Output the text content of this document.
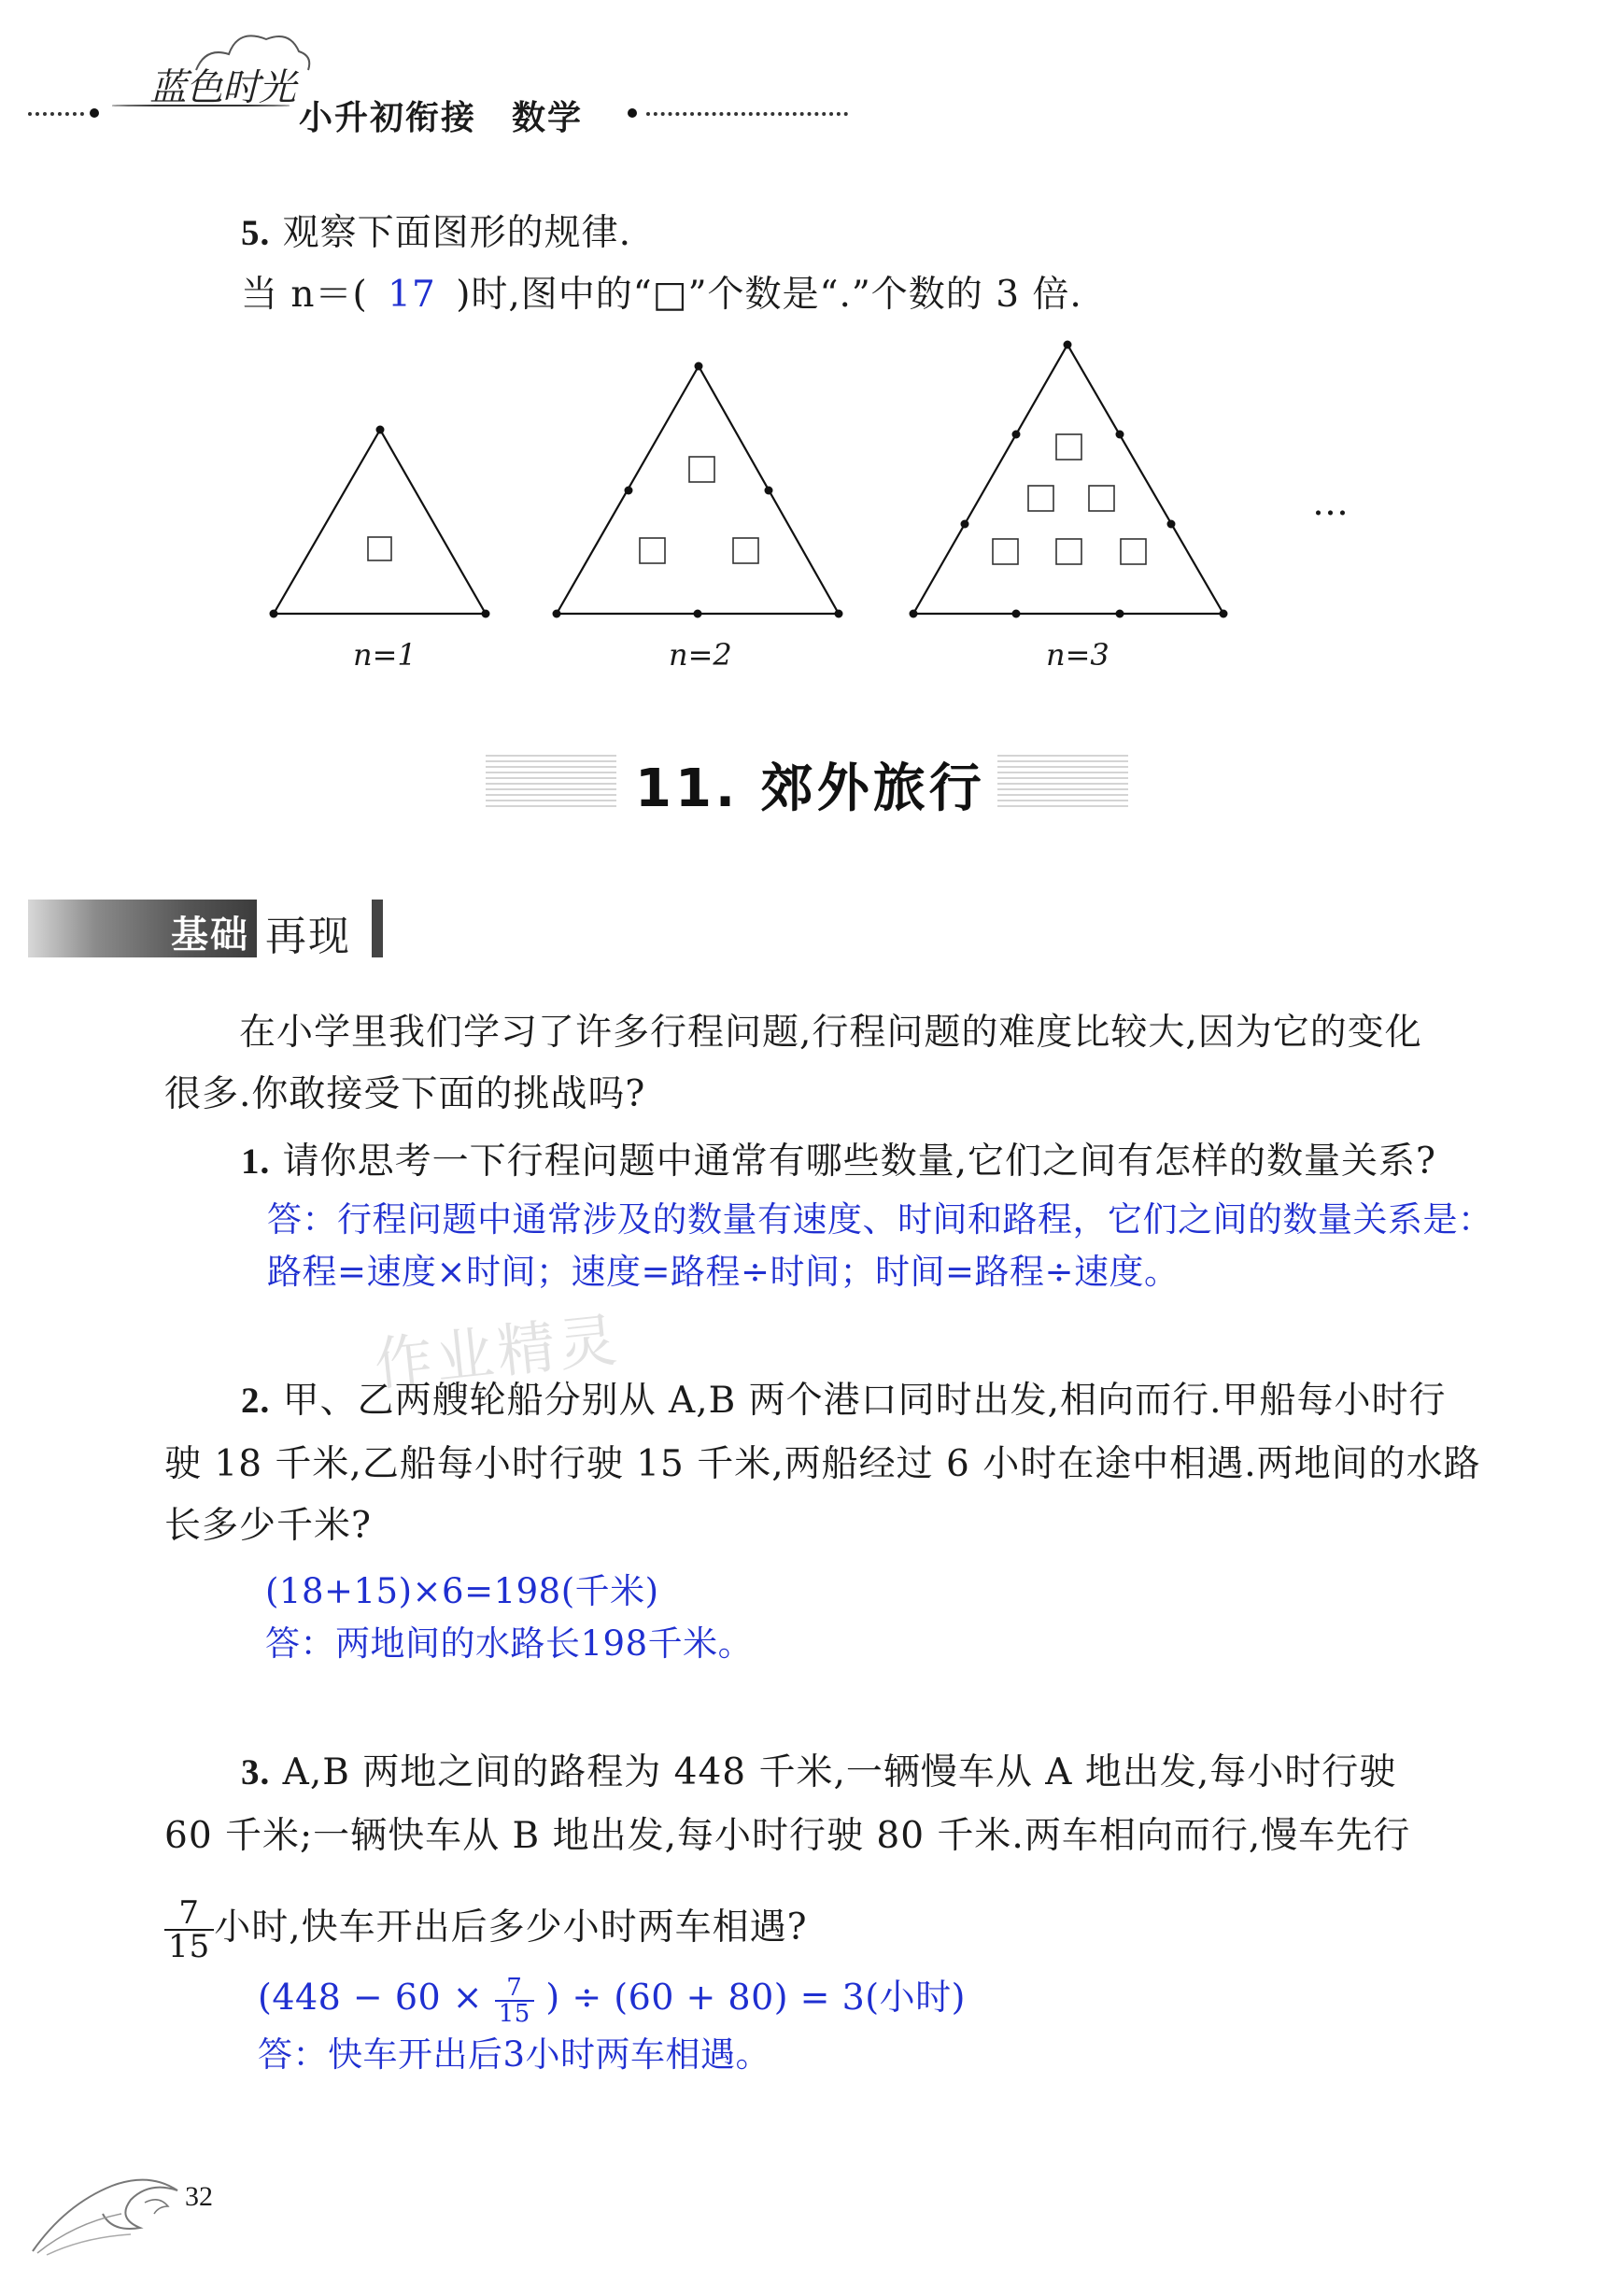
蓝色时光
小升初衔接　数学
5. 观察下面图形的规律.
当 n＝( 17 )时,图中的“□”个数是“.”个数的 3 倍.
…
n=1	n=2	n=3
11. 郊外旅行
基础 再现
在小学里我们学习了许多行程问题,行程问题的难度比较大,因为它的变化
很多.你敢接受下面的挑战吗?
1. 请你思考一下行程问题中通常有哪些数量,它们之间有怎样的数量关系?
答：行程问题中通常涉及的数量有速度、时间和路程，它们之间的数量关系是：
路程=速度×时间；速度=路程÷时间；时间=路程÷速度。
作业精灵
2. 甲、乙两艘轮船分别从 A,B 两个港口同时出发,相向而行.甲船每小时行
驶 18 千米,乙船每小时行驶 15 千米,两船经过 6 小时在途中相遇.两地间的水路
长多少千米?
(18+15)×6=198(千米)
答：两地间的水路长198千米。
3. A,B 两地之间的路程为 448 千米,一辆慢车从 A 地出发,每小时行驶
60 千米;一辆快车从 B 地出发,每小时行驶 80 千米.两车相向而行,慢车先行
$\frac{7}{15}$ 小时,快车开出后多少小时两车相遇?
($448 - 60 \times \frac{7}{15}$ ) ÷ (60 + 80) = 3(小时)
答：快车开出后3小时两车相遇。
32
